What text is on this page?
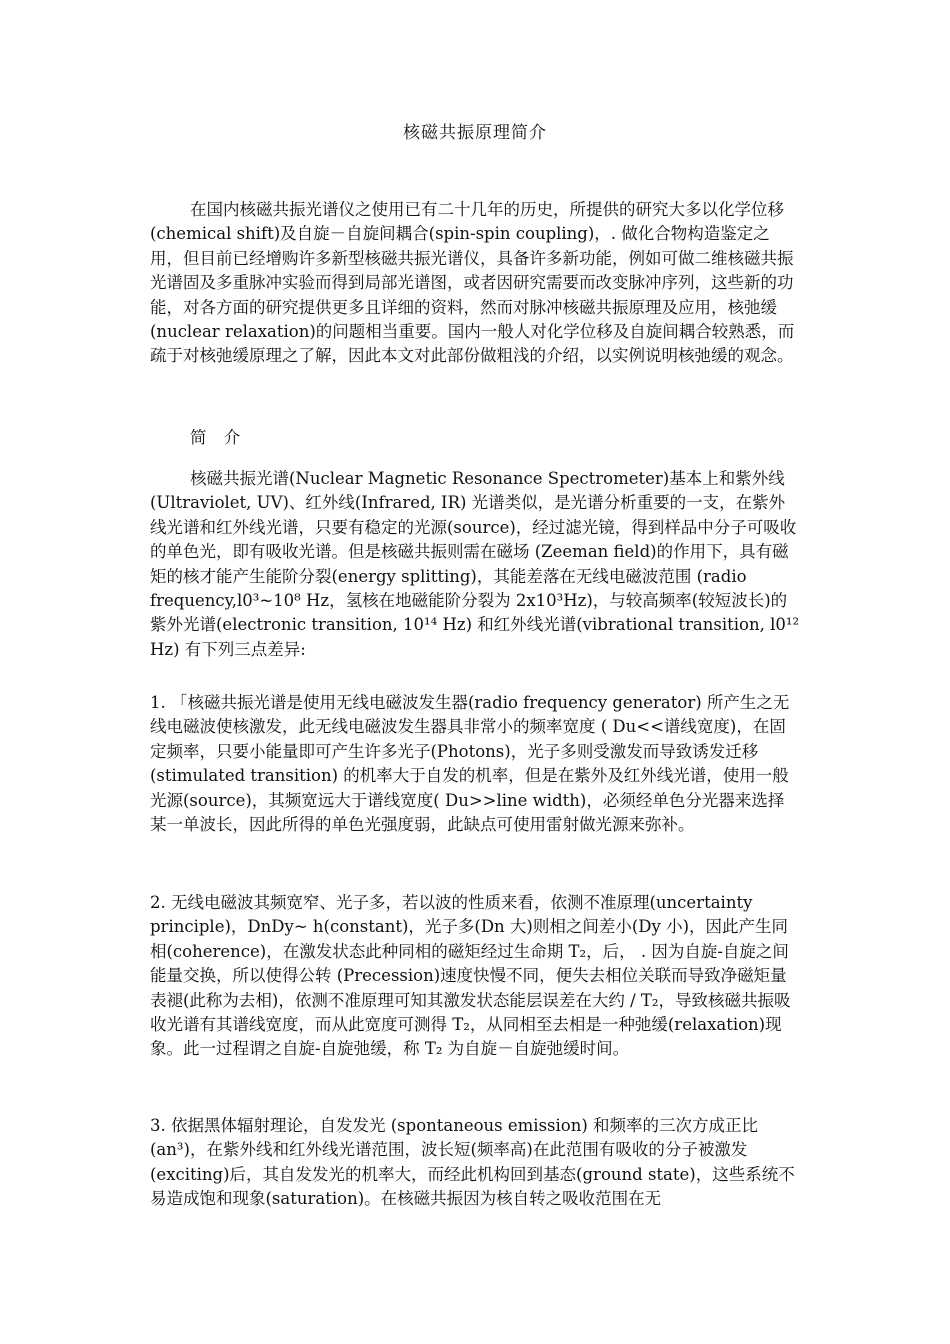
核磁共振原理简介

在国内核磁共振光谱仪之使用已有二十几年的历史，所提供的研究大多以化学位移(chemical shift)及自旋－自旋间耦合(spin-spin coupling)，. 做化合物构造鉴定之用，但目前已经增购许多新型核磁共振光谱仪，具备许多新功能，例如可做二维核磁共振光谱固及多重脉冲实验而得到局部光谱图，或者因研究需要而改变脉冲序列，这些新的功能，对各方面的研究提供更多且详细的资料，然而对脉冲核磁共振原理及应用，核弛缓(nuclear relaxation)的问题相当重要。国内一般人对化学位移及自旋间耦合较熟悉，而疏于对核弛缓原理之了解，因此本文对此部份做粗浅的介绍，以实例说明核弛缓的观念。

简 介

核磁共振光谱(Nuclear Magnetic Resonance Spectrometer)基本上和紫外线(Ultraviolet, UV)、红外线(Infrared, IR) 光谱类似，是光谱分析重要的一支，在紫外线光谱和红外线光谱，只要有稳定的光源(source)，经过滤光镜，得到样品中分子可吸收的单色光，即有吸收光谱。但是核磁共振则需在磁场 (Zeeman field)的作用下，具有磁矩的核才能产生能阶分裂(energy splitting)，其能差落在无线电磁波范围 (radio frequency,l0³~10⁸ Hz，氢核在地磁能阶分裂为 2x10³Hz)，与较高频率(较短波长)的紫外光谱(electronic transition, 10¹⁴ Hz) 和红外线光谱(vibrational transition, l0¹² Hz) 有下列三点差异:

1. 「核磁共振光谱是使用无线电磁波发生器(radio frequency generator) 所产生之无线电磁波使核激发，此无线电磁波发生器具非常小的频率宽度 ( Du<<谱线宽度)，在固定频率，只要小能量即可产生许多光子(Photons)，光子多则受激发而导致诱发迁移(stimulated transition) 的机率大于自发的机率，但是在紫外及红外线光谱，使用一般光源(source)，其频宽远大于谱线宽度( Du>>line width)，必须经单色分光器来选择某一单波长，因此所得的单色光强度弱，此缺点可使用雷射做光源来弥补。

2. 无线电磁波其频宽窄、光子多，若以波的性质来看，依测不准原理(uncertainty principle)，DnDy~ h(constant)，光子多(Dn 大)则相之间差小(Dy 小)，因此产生同相(coherence)，在激发状态此种同相的磁矩经过生命期 T₂，后， . 因为自旋-自旋之间能量交换，所以使得公转 (Precession)速度快慢不同，便失去相位关联而导致净磁矩量表褪(此称为去相)，依测不准原理可知其激发状态能层误差在大约 / T₂，导致核磁共振吸收光谱有其谱线宽度，而从此宽度可测得 T₂，从同相至去相是一种弛缓(relaxation)现象。此一过程谓之自旋-自旋弛缓，称 T₂ 为自旋－自旋弛缓时间。

3. 依据黑体辐射理论，自发发光 (spontaneous emission) 和频率的三次方成正比(an³)，在紫外线和红外线光谱范围，波长短(频率高)在此范围有吸收的分子被激发(exciting)后，其自发发光的机率大，而经此机构回到基态(ground state)，这些系统不易造成饱和现象(saturation)。在核磁共振因为核自转之吸收范围在无
